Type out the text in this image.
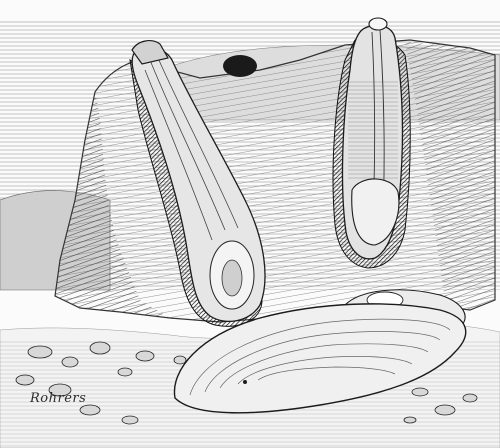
Rohrers
